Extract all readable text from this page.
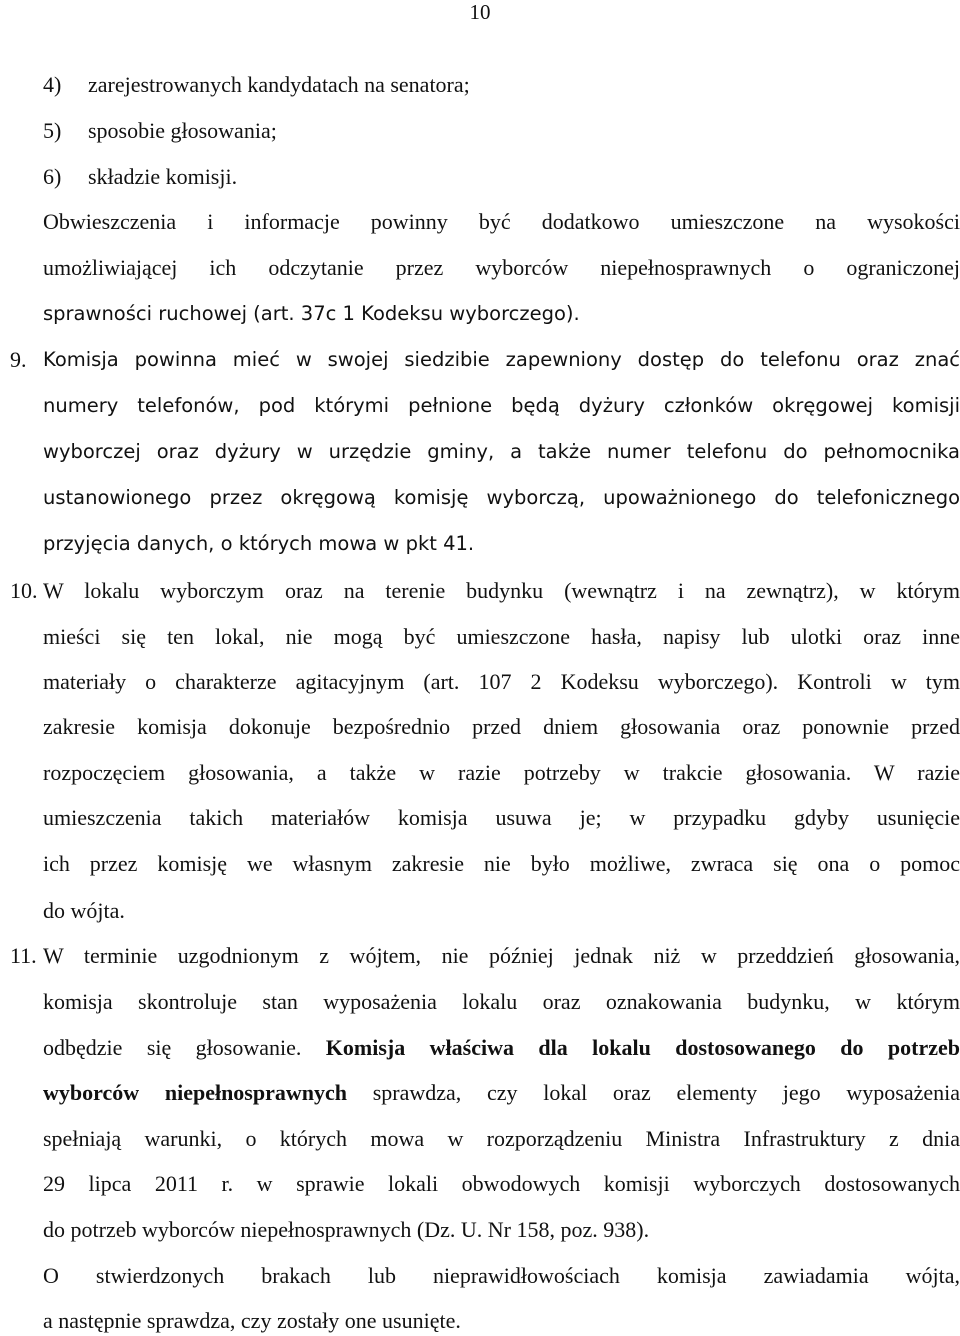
10
4) zarejestrowanych kandydatach na senatora;
5) sposobie głosowania;
6) składzie komisji.
Obwieszczenia i informacje powinny być dodatkowo umieszczone na wysokości
umożliwiającej ich odczytanie przez wyborców niepełnosprawnych o ograniczonej
sprawności ruchowej (art. 37c 1 Kodeksu wyborczego).
9. Komisja powinna mieć w swojej siedzibie zapewniony dostęp do telefonu oraz znać
numery telefonów, pod którymi pełnione będą dyżury członków okręgowej komisji
wyborczej oraz dyżury w urzędzie gminy, a także numer telefonu do pełnomocnika
ustanowionego przez okręgową komisję wyborczą, upoważnionego do telefonicznego
przyjęcia danych, o których mowa w pkt 41.
10. W lokalu wyborczym oraz na terenie budynku (wewnątrz i na zewnątrz), w którym
mieści się ten lokal, nie mogą być umieszczone hasła, napisy lub ulotki oraz inne
materiały o charakterze agitacyjnym (art. 107 2 Kodeksu wyborczego). Kontroli w tym
zakresie komisja dokonuje bezpośrednio przed dniem głosowania oraz ponownie przed
rozpoczęciem głosowania, a także w razie potrzeby w trakcie głosowania. W razie
umieszczenia takich materiałów komisja usuwa je; w przypadku gdyby usunięcie
ich przez komisję we własnym zakresie nie było możliwe, zwraca się ona o pomoc
do wójta.
11. W terminie uzgodnionym z wójtem, nie później jednak niż w przeddzień głosowania,
komisja skontroluje stan wyposażenia lokalu oraz oznakowania budynku, w którym
odbędzie się głosowanie. Komisja właściwa dla lokalu dostosowanego do potrzeb
wyborców niepełnosprawnych sprawdza, czy lokal oraz elementy jego wyposażenia
spełniają warunki, o których mowa w rozporządzeniu Ministra Infrastruktury z dnia
29 lipca 2011 r. w sprawie lokali obwodowych komisji wyborczych dostosowanych
do potrzeb wyborców niepełnosprawnych (Dz. U. Nr 158, poz. 938).
O stwierdzonych brakach lub nieprawidłowościach komisja zawiadamia wójta,
a następnie sprawdza, czy zostały one usunięte.
